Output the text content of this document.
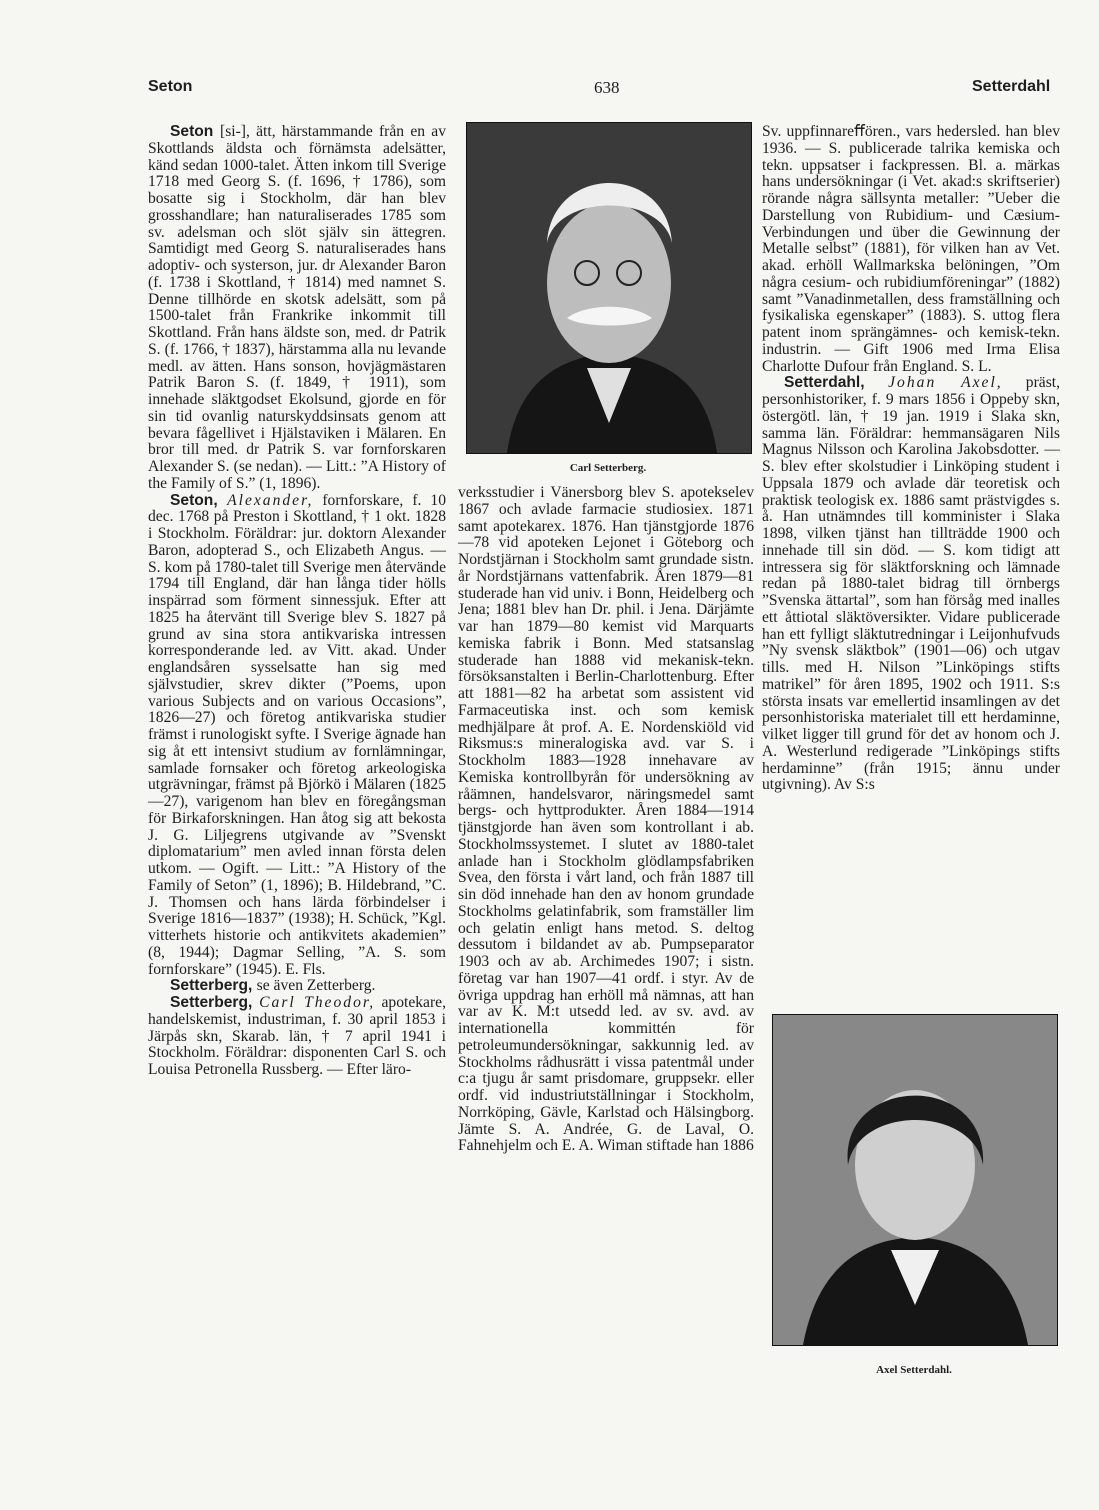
Seton	638	Setterdahl

Seton [si-], ätt, härstammande från en av Skottlands äldsta och förnämsta adelsätter, känd sedan 1000-talet. Ätten inkom till Sverige 1718 med Georg S. (f. 1696, † 1786), som bosatte sig i Stockholm, där han blev grosshandlare; han naturaliserades 1785 som sv. adelsman och slöt själv sin ättegren. Samtidigt med Georg S. naturaliserades hans adoptiv- och systerson, jur. dr Alexander Baron (f. 1738 i Skottland, † 1814) med namnet S. Denne tillhörde en skotsk adelsätt, som på 1500-talet från Frankrike inkommit till Skottland. Från hans äldste son, med. dr Patrik S. (f. 1766, † 1837), härstamma alla nu levande medl. av ätten. Hans sonson, hovjägmästaren Patrik Baron S. (f. 1849, † 1911), som innehade släktgodset Ekolsund, gjorde en för sin tid ovanlig naturskyddsinsats genom att bevara fågellivet i Hjälstaviken i Mälaren. En bror till med. dr Patrik S. var fornforskaren Alexander S. (se nedan). — Litt.: ”A History of the Family of S.” (1, 1896).

Seton, Alexander, fornforskare, f. 10 dec. 1768 på Preston i Skottland, † 1 okt. 1828 i Stockholm. Föräldrar: jur. doktorn Alexander Baron, adopterad S., och Elizabeth Angus. — S. kom på 1780-talet till Sverige men återvände 1794 till England, där han långa tider hölls inspärrad som förment sinnessjuk. Efter att 1825 ha återvänt till Sverige blev S. 1827 på grund av sina stora antikvariska intressen korresponderande led. av Vitt. akad. Under englandsåren sysselsatte han sig med självstudier, skrev dikter (”Poems, upon various Subjects and on various Occasions”, 1826—27) och företog antikvariska studier främst i runologiskt syfte. I Sverige ägnade han sig åt ett intensivt studium av fornlämningar, samlade fornsaker och företog arkeologiska utgrävningar, främst på Björkö i Mälaren (1825—27), varigenom han blev en föregångsman för Birkaforskningen. Han åtog sig att bekosta J. G. Liljegrens utgivande av ”Svenskt diplomatarium” men avled innan första delen utkom. — Ogift. — Litt.: ”A History of the Family of Seton” (1, 1896); B. Hildebrand, ”C. J. Thomsen och hans lärda förbindelser i Sverige 1816—1837” (1938); H. Schück, ”Kgl. vitterhets historie och antikvitets akademien” (8, 1944); Dagmar Selling, ”A. S. som fornforskare” (1945). E. Fls.

Setterberg, se även Zetterberg.

Setterberg, Carl Theodor, apotekare, handelskemist, industriman, f. 30 april 1853 i Järpås skn, Skarab. län, † 7 april 1941 i Stockholm. Föräldrar: disponenten Carl S. och Louisa Petronella Russberg. — Efter läro-

Carl Setterberg.

verksstudier i Vänersborg blev S. apotekselev 1867 och avlade farmacie studiosiex. 1871 samt apotekarex. 1876. Han tjänstgjorde 1876—78 vid apoteken Lejonet i Göteborg och Nordstjärnan i Stockholm samt grundade sistn. år Nordstjärnans vattenfabrik. Åren 1879—81 studerade han vid univ. i Bonn, Heidelberg och Jena; 1881 blev han Dr. phil. i Jena. Därjämte var han 1879—80 kemist vid Marquarts kemiska fabrik i Bonn. Med statsanslag studerade han 1888 vid mekanisk-tekn. försöksanstalten i Berlin-Charlottenburg. Efter att 1881—82 ha arbetat som assistent vid Farmaceutiska inst. och som kemisk medhjälpare åt prof. A. E. Nordenskiöld vid Riksmus:s mineralogiska avd. var S. i Stockholm 1883—1928 innehavare av Kemiska kontrollbyrån för undersökning av råämnen, handelsvaror, näringsmedel samt bergs- och hyttprodukter. Åren 1884—1914 tjänstgjorde han även som kontrollant i ab. Stockholmssystemet. I slutet av 1880-talet anlade han i Stockholm glödlampsfabriken Svea, den första i vårt land, och från 1887 till sin död innehade han den av honom grundade Stockholms gelatinfabrik, som framställer lim och gelatin enligt hans metod. S. deltog dessutom i bildandet av ab. Pumpseparator 1903 och av ab. Archimedes 1907; i sistn. företag var han 1907—41 ordf. i styr. Av de övriga uppdrag han erhöll må nämnas, att han var av K. M:t utsedd led. av sv. avd. av internationella kommittén för petroleumundersökningar, sakkunnig led. av Stockholms rådhusrätt i vissa patentmål under c:a tjugu år samt prisdomare, gruppsekr. eller ordf. vid industriutställningar i Stockholm, Norrköping, Gävle, Karlstad och Hälsingborg. Jämte S. A. Andrée, G. de Laval, O. Fahnehjelm och E. A. Wiman stiftade han 1886

Sv. uppfinnareﬀören., vars hedersled. han blev 1936. — S. publicerade talrika kemiska och tekn. uppsatser i fackpressen. Bl. a. märkas hans undersökningar (i Vet. akad:s skriftserier) rörande några sällsynta metaller: ”Ueber die Darstellung von Rubidium- und Cæsium-Verbindungen und über die Gewinnung der Metalle selbst” (1881), för vilken han av Vet. akad. erhöll Wallmarkska belöningen, ”Om några cesium- och rubidiumföreningar” (1882) samt ”Vanadinmetallen, dess framställning och fysikaliska egenskaper” (1883). S. uttog flera patent inom sprängämnes- och kemisk-tekn. industrin. — Gift 1906 med Irma Elisa Charlotte Dufour från England. S. L.

Setterdahl, Johan Axel, präst, personhistoriker, f. 9 mars 1856 i Oppeby skn, östergötl. län, † 19 jan. 1919 i Slaka skn, samma län. Föräldrar: hemmansägaren Nils Magnus Nilsson och Karolina Jakobsdotter. — S. blev efter skolstudier i Linköping student i Uppsala 1879 och avlade där teoretisk och praktisk teologisk ex. 1886 samt prästvigdes s. å. Han utnämndes till komminister i Slaka 1898, vilken tjänst han tillträdde 1900 och innehade till sin död. — S. kom tidigt att intressera sig för släktforskning och lämnade redan på 1880-talet bidrag till örnbergs ”Svenska ättartal”, som han försåg med inalles ett åttiotal släktöversikter. Vidare publicerade han ett fylligt släktutredningar i Leijonhufvuds ”Ny svensk släktbok” (1901—06) och utgav tills. med H. Nilson ”Linköpings stifts matrikel” för åren 1895, 1902 och 1911. S:s största insats var emellertid insamlingen av det personhistoriska materialet till ett herdaminne, vilket ligger till grund för det av honom och J. A. Westerlund redigerade ”Linköpings stifts herdaminne” (från 1915; ännu under utgivning). Av S:s

Axel Setterdahl.
